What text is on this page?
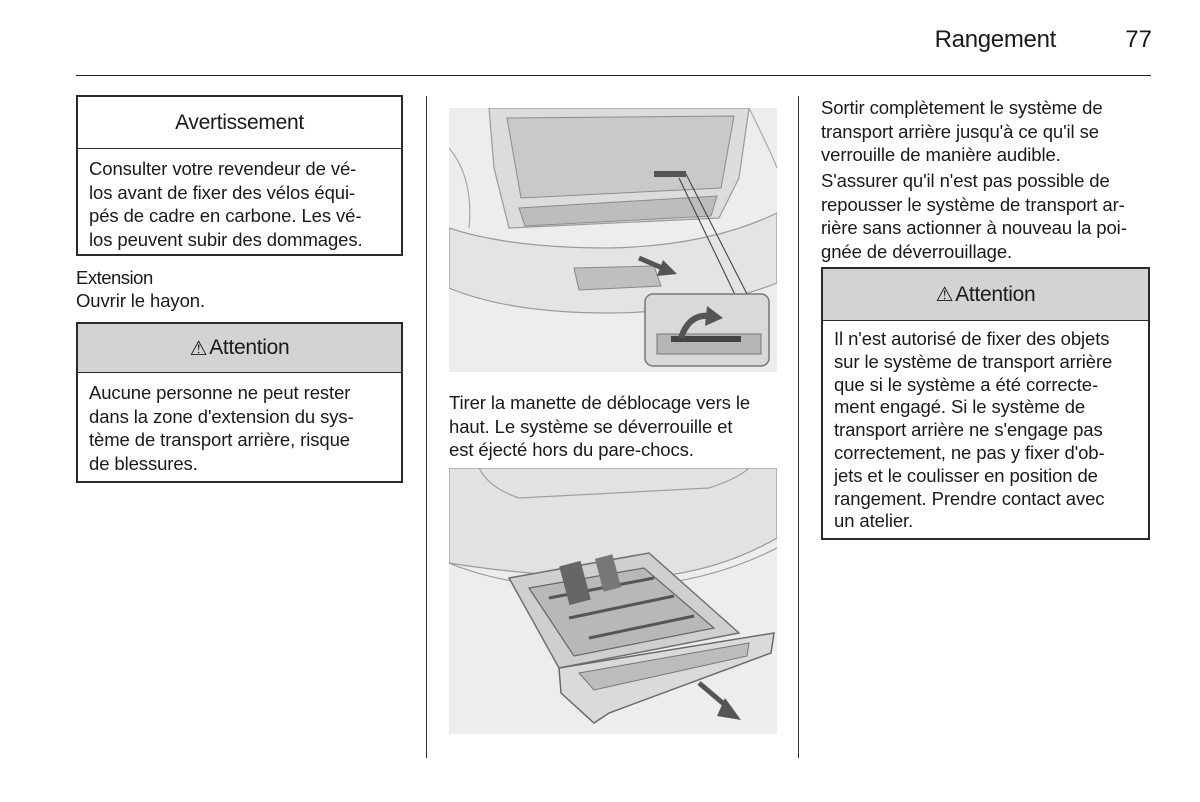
Rangement	77
Avertissement
Consulter votre revendeur de vé-
los avant de fixer des vélos équi-
pés de cadre en carbone. Les vé-
los peuvent subir des dommages.
Extension
Ouvrir le hayon.
⚠ Attention
Aucune personne ne peut rester
dans la zone d'extension du sys-
tème de transport arrière, risque
de blessures.
Tirer la manette de déblocage vers le
haut. Le système se déverrouille et
est éjecté hors du pare-chocs.
Sortir complètement le système de
transport arrière jusqu'à ce qu'il se
verrouille de manière audible.
S'assurer qu'il n'est pas possible de
repousser le système de transport ar-
rière sans actionner à nouveau la poi-
gnée de déverrouillage.
⚠ Attention
Il n'est autorisé de fixer des objets
sur le système de transport arrière
que si le système a été correcte-
ment engagé. Si le système de
transport arrière ne s'engage pas
correctement, ne pas y fixer d'ob-
jets et le coulisser en position de
rangement. Prendre contact avec
un atelier.
